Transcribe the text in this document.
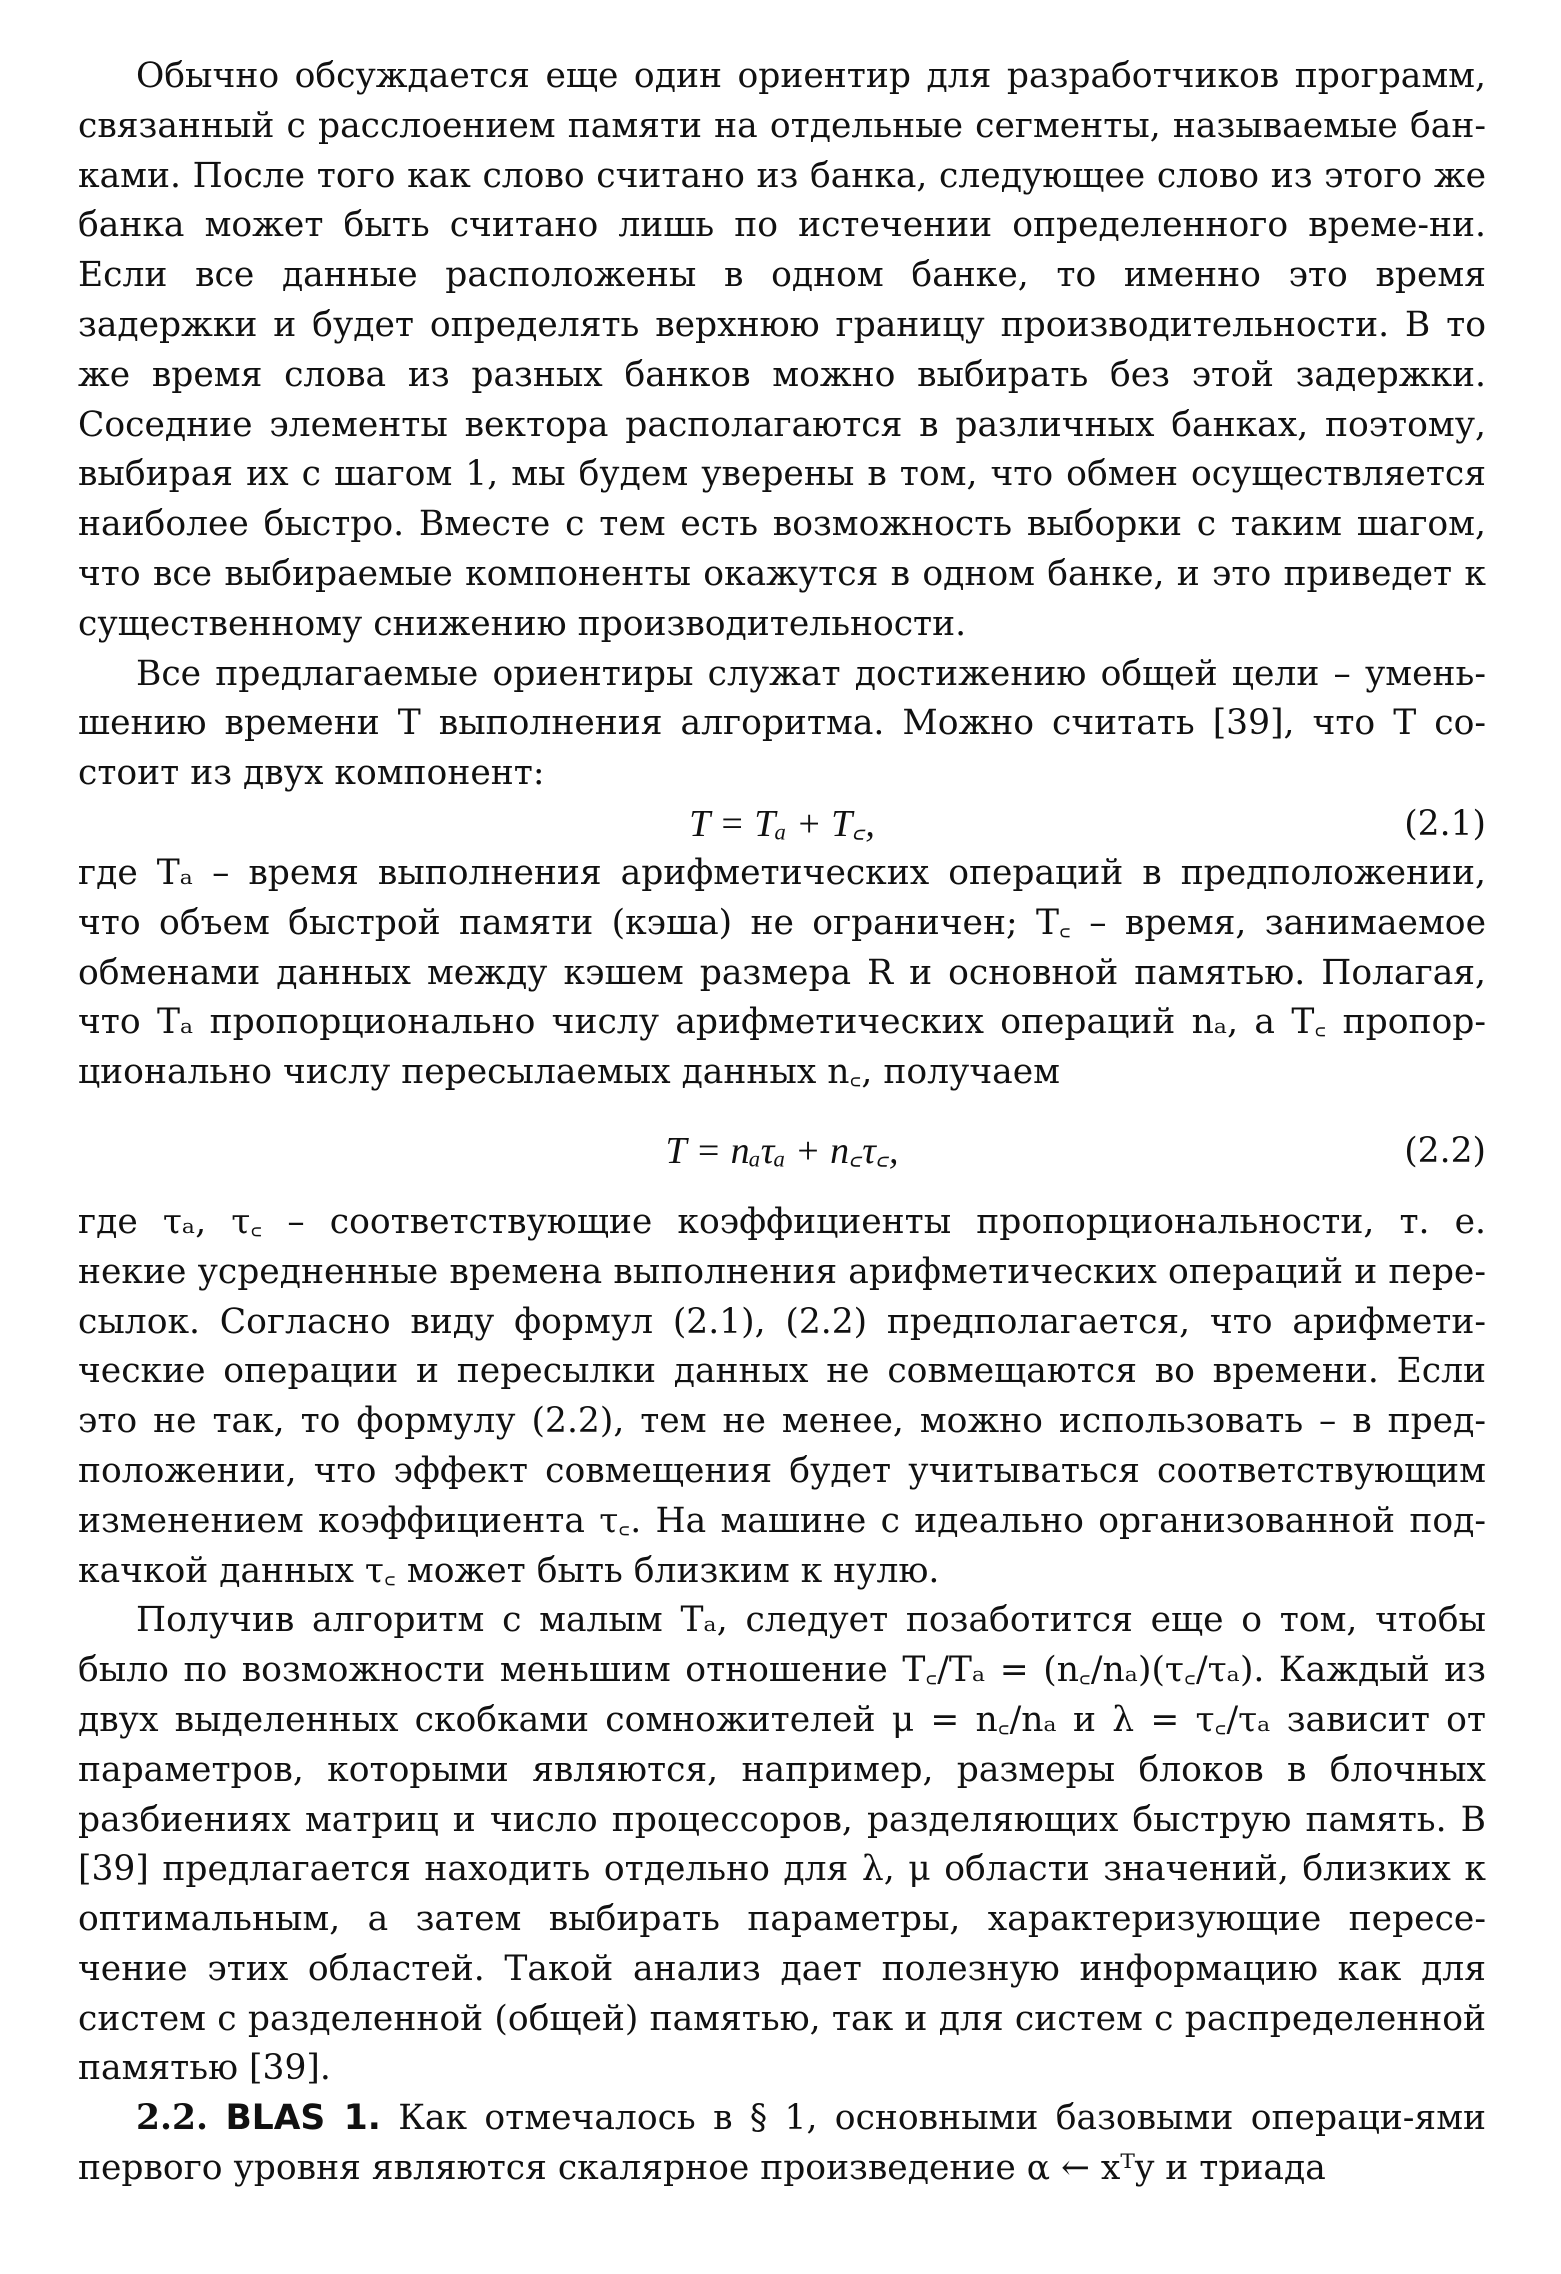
Обычно обсуждается еще один ориентир для разработчиков программ, связанный с расслоением памяти на отдельные сегменты, называемые бан-ками. После того как слово считано из банка, следующее слово из этого же банка может быть считано лишь по истечении определенного време-ни. Если все данные расположены в одном банке, то именно это время задержки и будет определять верхнюю границу производительности. В то же время слова из разных банков можно выбирать без этой задержки. Соседние элементы вектора располагаются в различных банках, поэтому, выбирая их с шагом 1, мы будем уверены в том, что обмен осуществляется наиболее быстро. Вместе с тем есть возможность выборки с таким шагом, что все выбираемые компоненты окажутся в одном банке, и это приведет к существенному снижению производительности.

Все предлагаемые ориентиры служат достижению общей цели – умень-шению времени T выполнения алгоритма. Можно считать [39], что T со-стоит из двух компонент:

T = Tₐ + T꜀,	(2.1)

где Tₐ – время выполнения арифметических операций в предположении, что объем быстрой памяти (кэша) не ограничен; T꜀ – время, занимаемое обменами данных между кэшем размера R и основной памятью. Полагая, что Tₐ пропорционально числу арифметических операций nₐ, а T꜀ пропор-ционально числу пересылаемых данных n꜀, получаем

T = nₐτₐ + n꜀τ꜀,	(2.2)

где τₐ, τ꜀ – соответствующие коэффициенты пропорциональности, т. е. некие усредненные времена выполнения арифметических операций и пере-сылок. Согласно виду формул (2.1), (2.2) предполагается, что арифмети-ческие операции и пересылки данных не совмещаются во времени. Если это не так, то формулу (2.2), тем не менее, можно использовать – в пред-положении, что эффект совмещения будет учитываться соответствующим изменением коэффициента τ꜀. На машине с идеально организованной под-качкой данных τ꜀ может быть близким к нулю.

Получив алгоритм с малым Tₐ, следует позаботится еще о том, чтобы было по возможности меньшим отношение T꜀/Tₐ = (n꜀/nₐ)(τ꜀/τₐ). Каждый из двух выделенных скобками сомножителей μ = n꜀/nₐ и λ = τ꜀/τₐ зависит от параметров, которыми являются, например, размеры блоков в блочных разбиениях матриц и число процессоров, разделяющих быструю память. В [39] предлагается находить отдельно для λ, μ области значений, близких к оптимальным, а затем выбирать параметры, характеризующие пересе-чение этих областей. Такой анализ дает полезную информацию как для систем с разделенной (общей) памятью, так и для систем с распределенной памятью [39].

2.2. BLAS 1. Как отмечалось в § 1, основными базовыми операци-ями первого уровня являются скалярное произведение α ← xᵀy и триада
